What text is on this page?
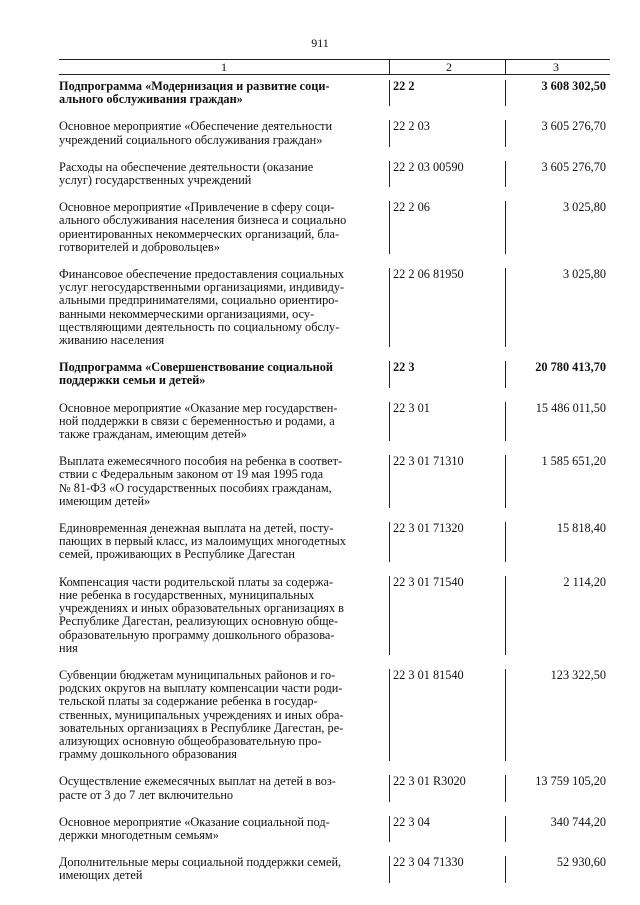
911
1	2	3
Подпрограмма «Модернизация и развитие соци-
ального обслуживания граждан»
22 2	3 608 302,50
Основное мероприятие «Обеспечение деятельности
учреждений социального обслуживания граждан»
22 2 03	3 605 276,70
Расходы на обеспечение деятельности (оказание
услуг) государственных учреждений
22 2 03 00590	3 605 276,70
Основное мероприятие «Привлечение в сферу соци-
ального обслуживания населения бизнеса и социально
ориентированных некоммерческих организаций, бла-
готворителей и добровольцев»
22 2 06	3 025,80
Финансовое обеспечение предоставления социальных
услуг негосударственными организациями, индивиду-
альными предпринимателями, социально ориентиро-
ванными некоммерческими организациями, осу-
ществляющими деятельность по социальному обслу-
живанию населения
22 2 06 81950	3 025,80
Подпрограмма «Совершенствование социальной
поддержки семьи и детей»
22 3	20 780 413,70
Основное мероприятие «Оказание мер государствен-
ной поддержки в связи с беременностью и родами, а
также гражданам, имеющим детей»
22 3 01	15 486 011,50
Выплата ежемесячного пособия на ребенка в соответ-
ствии с Федеральным законом от 19 мая 1995 года
№ 81-ФЗ «О государственных пособиях гражданам,
имеющим детей»
22 3 01 71310	1 585 651,20
Единовременная денежная выплата на детей, посту-
пающих в первый класс, из малоимущих многодетных
семей, проживающих в Республике Дагестан
22 3 01 71320	15 818,40
Компенсация части родительской платы за содержа-
ние ребенка в государственных, муниципальных
учреждениях и иных образовательных организациях в
Республике Дагестан, реализующих основную обще-
образовательную программу дошкольного образова-
ния
22 3 01 71540	2 114,20
Субвенции бюджетам муниципальных районов и го-
родских округов на выплату компенсации части роди-
тельской платы за содержание ребенка в государ-
ственных, муниципальных учреждениях и иных обра-
зовательных организациях в Республике Дагестан, ре-
ализующих основную общеобразовательную про-
грамму дошкольного образования
22 3 01 81540	123 322,50
Осуществление ежемесячных выплат на детей в воз-
расте от 3 до 7 лет включительно
22 3 01 R3020	13 759 105,20
Основное мероприятие «Оказание социальной под-
держки многодетным семьям»
22 3 04	340 744,20
Дополнительные меры социальной поддержки семей,
имеющих детей
22 3 04 71330	52 930,60
